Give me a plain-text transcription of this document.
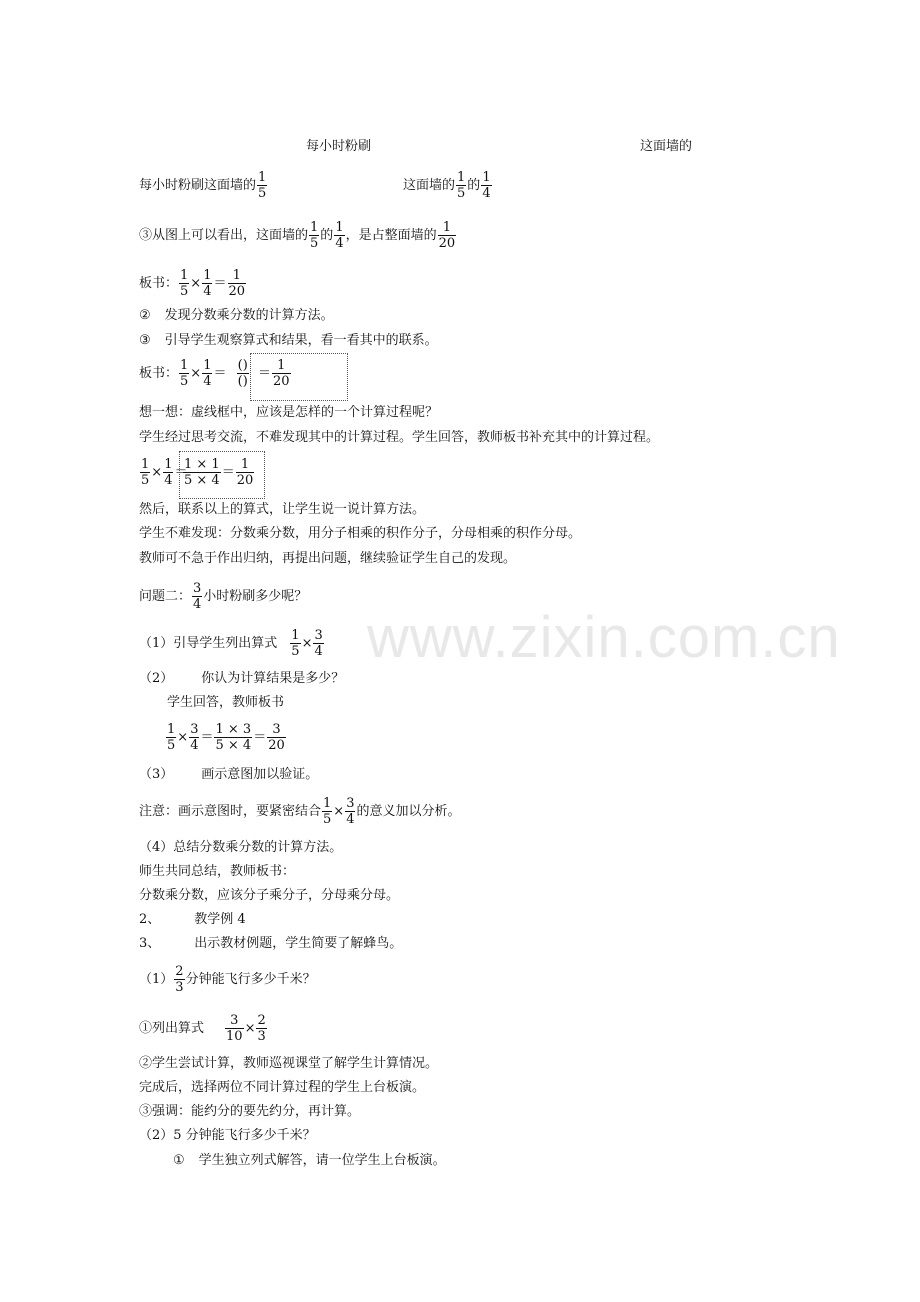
www.zixin.com.cn
每小时粉刷	这面墙的
每小时粉刷这面墙的 $\frac{1}{5}$	这面墙的 $\frac{1}{5}$ 的 $\frac{1}{4}$
③从图上可以看出，这面墙的 $\frac{1}{5}$ 的 $\frac{1}{4}$ ，是占整面墙的 $\frac{1}{20}$
板书： $\frac{1}{5} \times \frac{1}{4} = \frac{1}{20}$
② 发现分数乘分数的计算方法。
③ 引导学生观察算式和结果，看一看其中的联系。
板书： $\frac{1}{5} \times \frac{1}{4} = \frac{()}{()} = \frac{1}{20}$
想一想：虚线框中，应该是怎样的一个计算过程呢？
学生经过思考交流，不难发现其中的计算过程。学生回答，教师板书补充其中的计算过程。
$\frac{1}{5} \times \frac{1}{4}$ ＝
$\frac{1 \times 1}{5 \times 4} = \frac{1}{20}$
然后，联系以上的算式，让学生说一说计算方法。
学生不难发现：分数乘分数，用分子相乘的积作分子，分母相乘的积作分母。
教师可不急于作出归纳，再提出问题，继续验证学生自己的发现。
问题二： $\frac{3}{4}$ 小时粉刷多少呢？
（1）引导学生列出算式 $\frac{1}{5} \times \frac{3}{4}$
（2） 你认为计算结果是多少？
学生回答，教师板书
$\frac{1}{5} \times \frac{3}{4} = \frac{1 \times 3}{5 \times 4} = \frac{3}{20}$
（3） 画示意图加以验证。
注意：画示意图时，要紧密结合 $\frac{1}{5} \times \frac{3}{4}$ 的意义加以分析。
（4）总结分数乘分数的计算方法。
师生共同总结，教师板书：
分数乘分数，应该分子乘分子，分母乘分母。
2、	教学例 4
3、	出示教材例题，学生简要了解蜂鸟。
$(1) \frac{2}{3}$ 分钟能飞行多少千米？
①列出算式 $\frac{3}{10} \times \frac{2}{3}$
②学生尝试计算，教师巡视课堂了解学生计算情况。
完成后，选择两位不同计算过程的学生上台板演。
③强调：能约分的要先约分，再计算。
（2）5 分钟能飞行多少千米？
① 学生独立列式解答，请一位学生上台板演。
